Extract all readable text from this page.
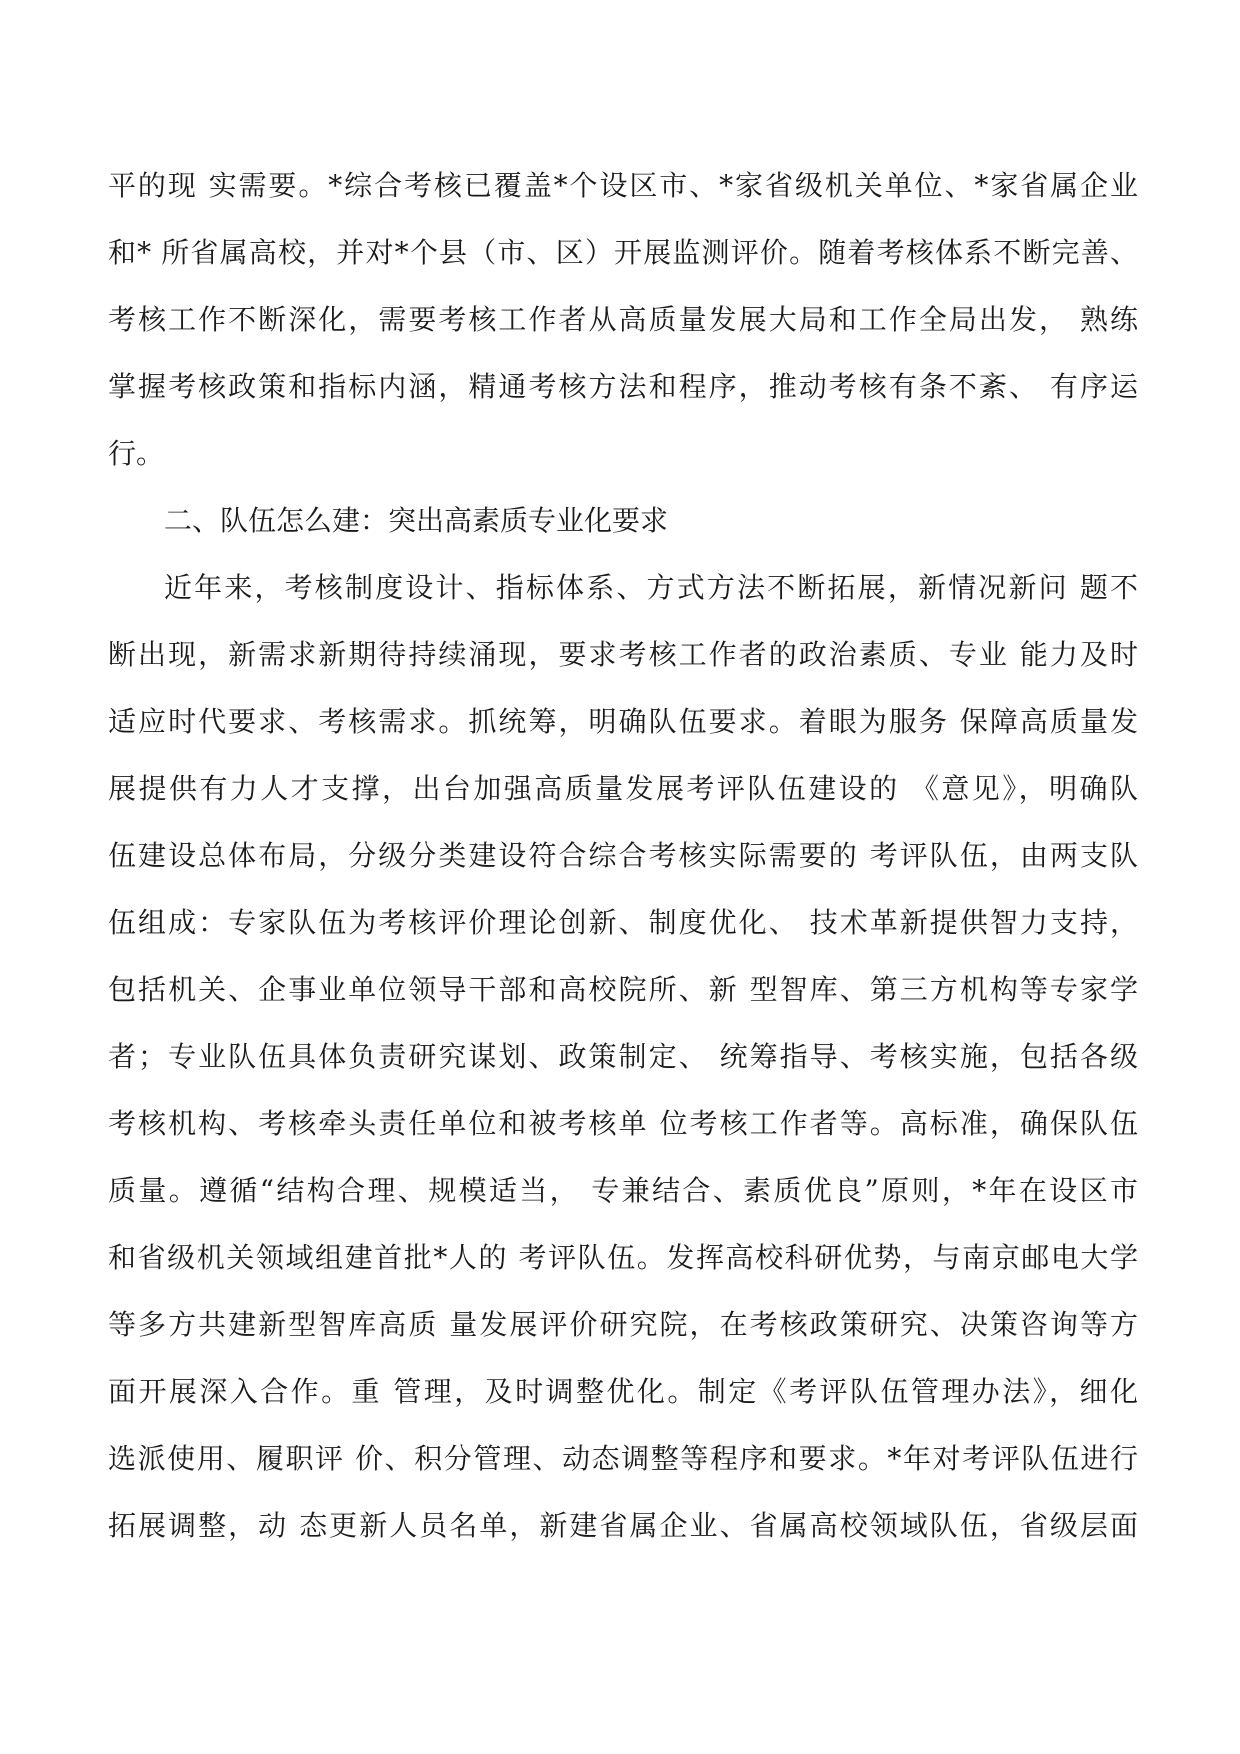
平的现 实需要。*综合考核已覆盖*个设区市、*家省级机关单位、*家省属企业
和* 所省属高校，并对*个县（市、区）开展监测评价。随着考核体系不断完善、
考核工作不断深化，需要考核工作者从高质量发展大局和工作全局出发， 熟练
掌握考核政策和指标内涵，精通考核方法和程序，推动考核有条不紊、 有序运
行。
二、队伍怎么建：突出高素质专业化要求
近年来，考核制度设计、指标体系、方式方法不断拓展，新情况新问 题不
断出现，新需求新期待持续涌现，要求考核工作者的政治素质、专业 能力及时
适应时代要求、考核需求。抓统筹，明确队伍要求。着眼为服务 保障高质量发
展提供有力人才支撑，出台加强高质量发展考评队伍建设的 《意见》，明确队
伍建设总体布局，分级分类建设符合综合考核实际需要的 考评队伍，由两支队
伍组成：专家队伍为考核评价理论创新、制度优化、 技术革新提供智力支持，
包括机关、企事业单位领导干部和高校院所、新 型智库、第三方机构等专家学
者；专业队伍具体负责研究谋划、政策制定、 统筹指导、考核实施，包括各级
考核机构、考核牵头责任单位和被考核单 位考核工作者等。高标准，确保队伍
质量。遵循“结构合理、规模适当， 专兼结合、素质优良”原则，*年在设区市
和省级机关领域组建首批*人的 考评队伍。发挥高校科研优势，与南京邮电大学
等多方共建新型智库高质 量发展评价研究院，在考核政策研究、决策咨询等方
面开展深入合作。重 管理，及时调整优化。制定《考评队伍管理办法》，细化
选派使用、履职评 价、积分管理、动态调整等程序和要求。*年对考评队伍进行
拓展调整，动 态更新人员名单，新建省属企业、省属高校领域队伍，省级层面
